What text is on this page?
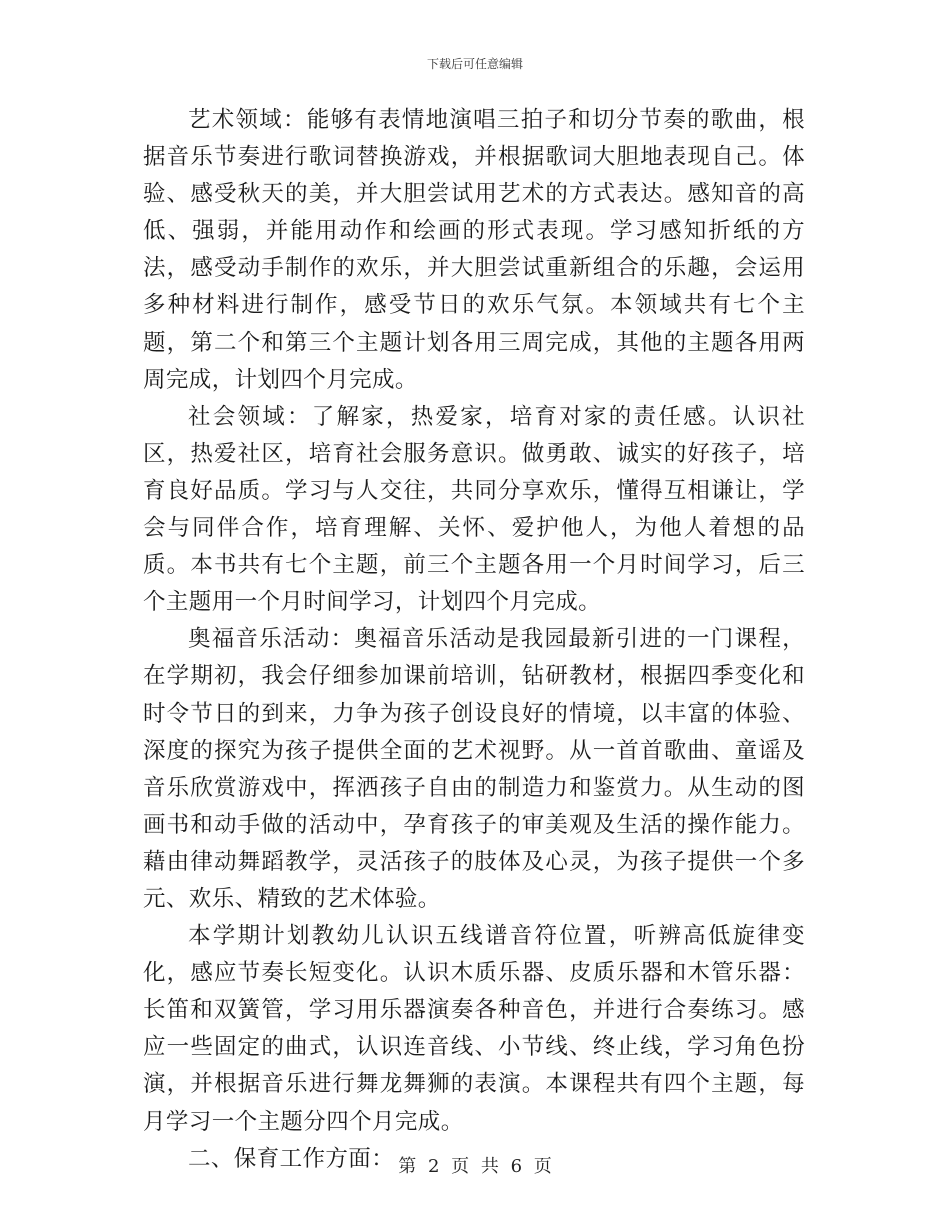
下载后可任意编辑

艺术领域：能够有表情地演唱三拍子和切分节奏的歌曲，根据音乐节奏进行歌词替换游戏，并根据歌词大胆地表现自己。体验、感受秋天的美，并大胆尝试用艺术的方式表达。感知音的高低、强弱，并能用动作和绘画的形式表现。学习感知折纸的方法，感受动手制作的欢乐，并大胆尝试重新组合的乐趣，会运用多种材料进行制作，感受节日的欢乐气氛。本领域共有七个主题，第二个和第三个主题计划各用三周完成，其他的主题各用两周完成，计划四个月完成。

社会领域：了解家，热爱家，培育对家的责任感。认识社区，热爱社区，培育社会服务意识。做勇敢、诚实的好孩子，培育良好品质。学习与人交往，共同分享欢乐，懂得互相谦让，学会与同伴合作，培育理解、关怀、爱护他人，为他人着想的品质。本书共有七个主题，前三个主题各用一个月时间学习，后三个主题用一个月时间学习，计划四个月完成。

奥福音乐活动：奥福音乐活动是我园最新引进的一门课程，在学期初，我会仔细参加课前培训，钻研教材，根据四季变化和时令节日的到来，力争为孩子创设良好的情境，以丰富的体验、深度的探究为孩子提供全面的艺术视野。从一首首歌曲、童谣及音乐欣赏游戏中，挥洒孩子自由的制造力和鉴赏力。从生动的图画书和动手做的活动中，孕育孩子的审美观及生活的操作能力。藉由律动舞蹈教学，灵活孩子的肢体及心灵，为孩子提供一个多元、欢乐、精致的艺术体验。

本学期计划教幼儿认识五线谱音符位置，听辨高低旋律变化，感应节奏长短变化。认识木质乐器、皮质乐器和木管乐器：长笛和双簧管，学习用乐器演奏各种音色，并进行合奏练习。感应一些固定的曲式，认识连音线、小节线、终止线，学习角色扮演，并根据音乐进行舞龙舞狮的表演。本课程共有四个主题，每月学习一个主题分四个月完成。

二、保育工作方面： 第 2 页 共 6 页
